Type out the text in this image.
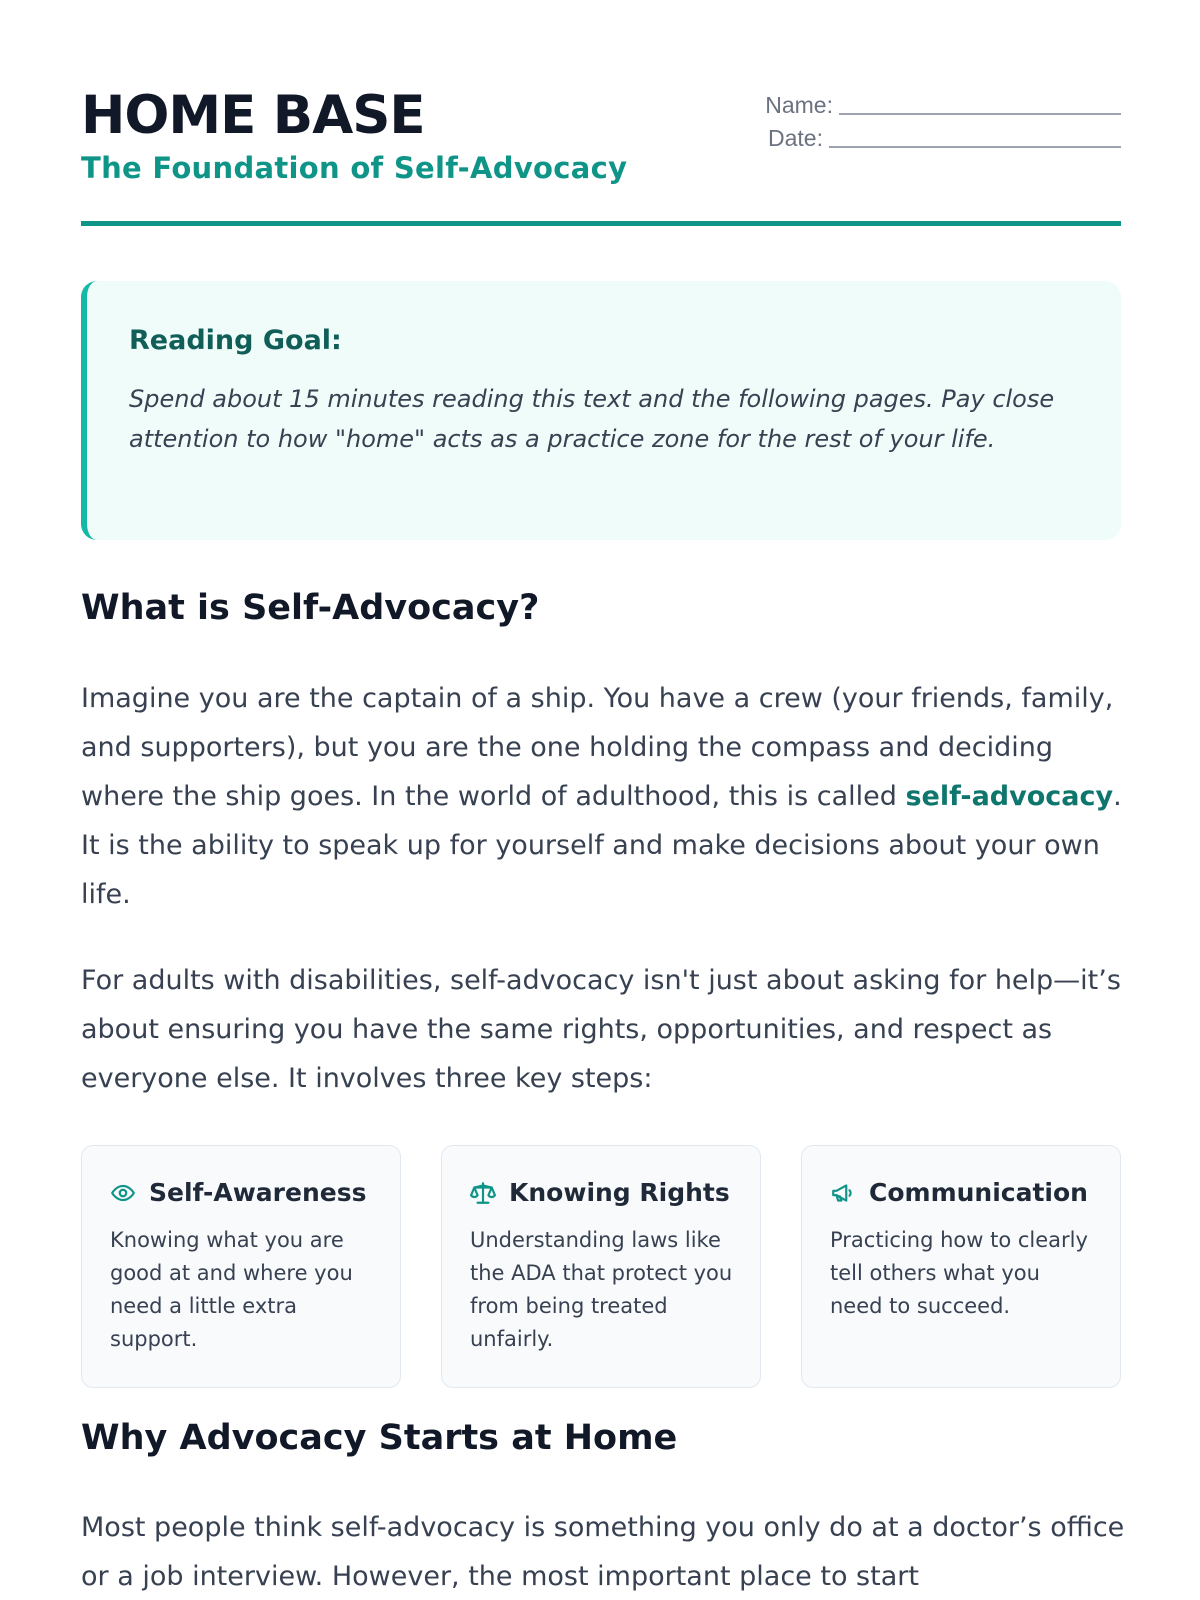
HOME BASE
The Foundation of Self-Advocacy
Name:
Date:
Reading Goal:

Spend about 15 minutes reading this text and the following pages. Pay close attention to how "home" acts as a practice zone for the rest of your life.

What is Self-Advocacy?

Imagine you are the captain of a ship. You have a crew (your friends, family, and supporters), but you are the one holding the compass and deciding where the ship goes. In the world of adulthood, this is called self-advocacy. It is the ability to speak up for yourself and make decisions about your own life.

For adults with disabilities, self-advocacy isn't just about asking for help—it’s about ensuring you have the same rights, opportunities, and respect as everyone else. It involves three key steps:

Self-Awareness

Knowing what you are good at and where you need a little extra support.

Knowing Rights

Understanding laws like the ADA that protect you from being treated unfairly.

Communication

Practicing how to clearly tell others what you need to succeed.

Why Advocacy Starts at Home

Most people think self-advocacy is something you only do at a doctor’s office or a job interview. However, the most important place to start
